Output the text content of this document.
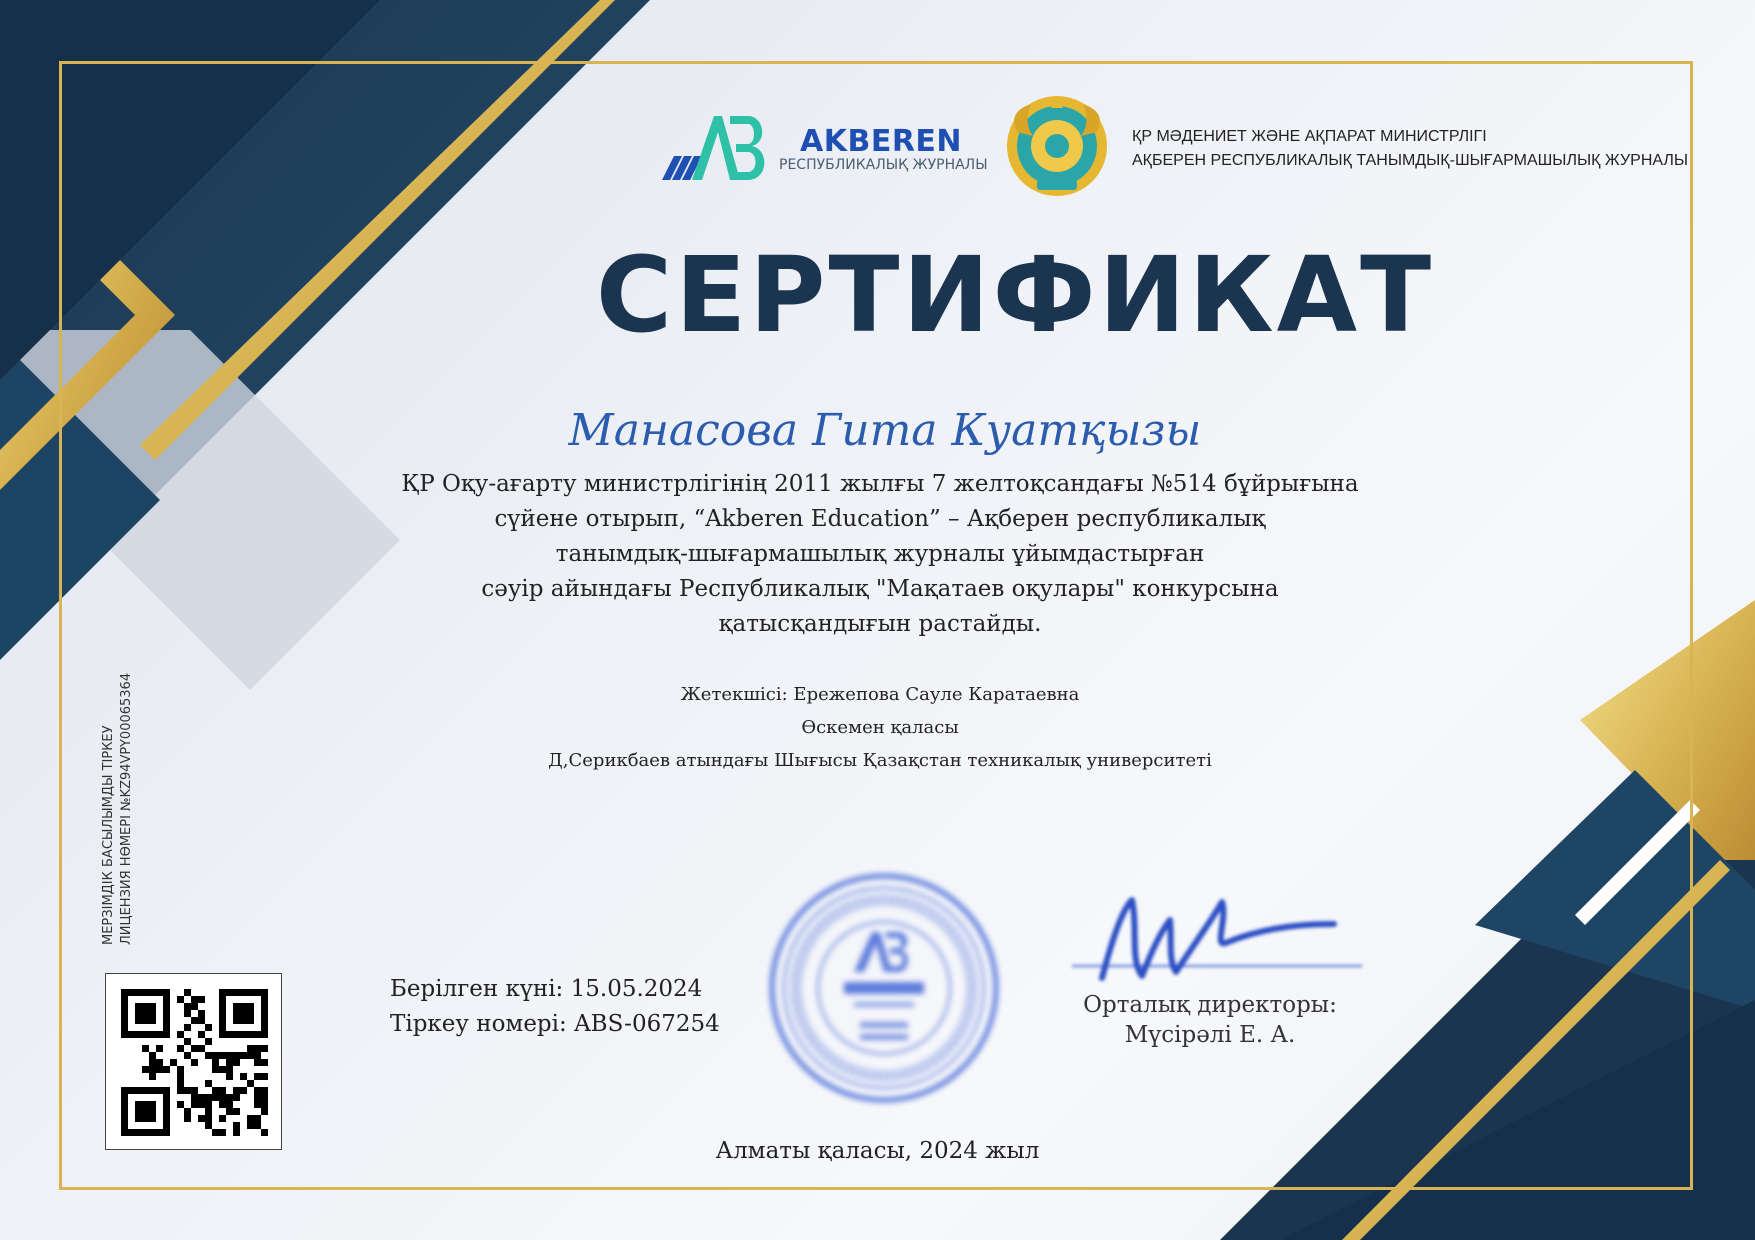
AKBEREN
РЕСПУБЛИКАЛЫҚ ЖУРНАЛЫ
ҚР МӘДЕНИЕТ ЖӘНЕ АҚПАРАТ МИНИСТРЛІГІ
АҚБЕРЕН РЕСПУБЛИКАЛЫҚ ТАНЫМДЫҚ-ШЫҒАРМАШЫЛЫҚ ЖУРНАЛЫ
СЕРТИФИКАТ
Манасова Гита Куатқызы
ҚР Оқу-ағарту министрлігінің 2011 жылғы 7 желтоқсандағы №514 бұйрығына
сүйене отырып, “Akberen Education” – Ақберен республикалық
танымдық-шығармашылық журналы ұйымдастырған
сәуір айындағы Республикалық "Мақатаев оқулары" конкурсына
қатысқандығын растайды.
Жетекшісі: Ережепова Сауле Каратаевна
Өскемен қаласы
Д,Серикбаев атындағы Шығысы Қазақстан техникалық университеті
Берілген күні: 15.05.2024
Тіркеу номері: ABS-067254
Орталық директоры:
Мүсірәлі Е. А.
Алматы қаласы, 2024 жыл
МЕРЗІМДІК БАСЫЛЫМДЫ ТІРКЕУ ЛИЦЕНЗИЯ НӨМЕРІ №KZ94VPY00065364
